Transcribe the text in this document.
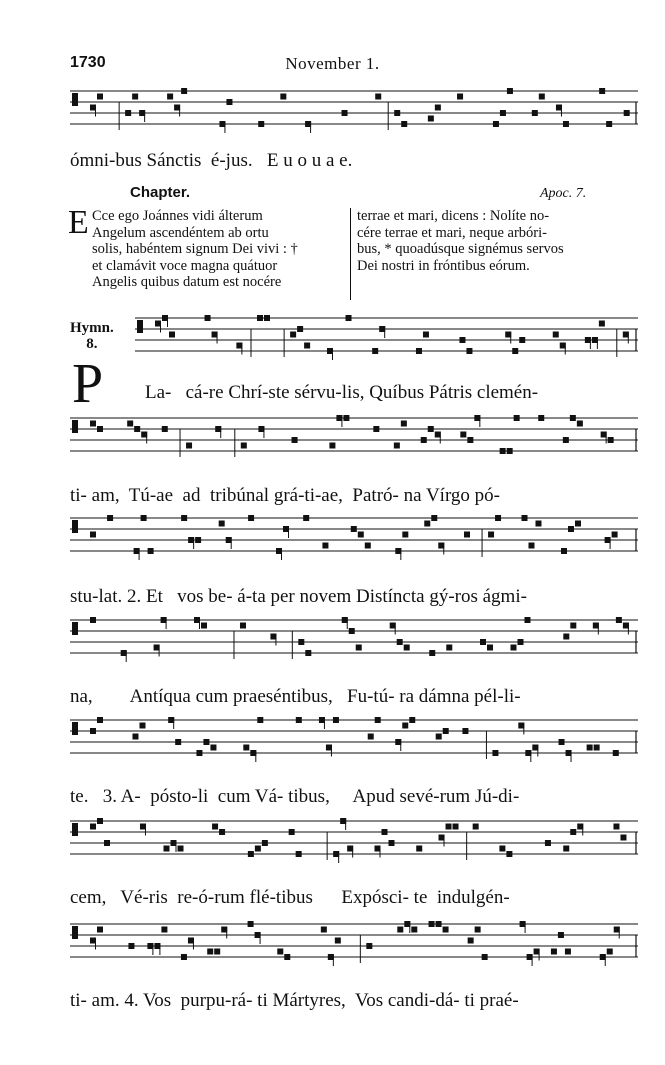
1730	November 1.
ómni-bus Sánctis  é-jus.   E u o u a e.
Chapter.	Apoc. 7.
E Cce ego Joánnes vidi álterum
Angelum ascendéntem ab ortu
solis, habéntem signum Dei vivi : †
et clamávit voce magna quátuor
Angelis quibus datum est nocére

terrae et mari, dicens : Nolíte no-
cére terrae et mari, neque arbóri-
bus, * quoadúsque signémus servos
Dei nostri in fróntibus eórum.

Hymn.
8.
P La-   cá-re Chrí-ste sérvu-lis, Quíbus Pátris clemén-
ti- am,  Tú-ae  ad  tribúnal grá-ti-ae,  Patró- na Vírgo pó-
stu-lat. 2. Et   vos be- á-ta per novem Distíncta gý-ros ágmi-
na,        Antíqua cum praeséntibus,   Fu-tú- ra dámna pél-li-
te.   3. A-  pósto-li  cum Vá- tibus,     Apud sevé-rum Jú-di-
cem,   Vé-ris  re-ó-rum flé-tibus      Expósci- te  indulgén-
ti- am. 4. Vos  purpu-rá- ti Mártyres,  Vos candi-dá- ti praé-
